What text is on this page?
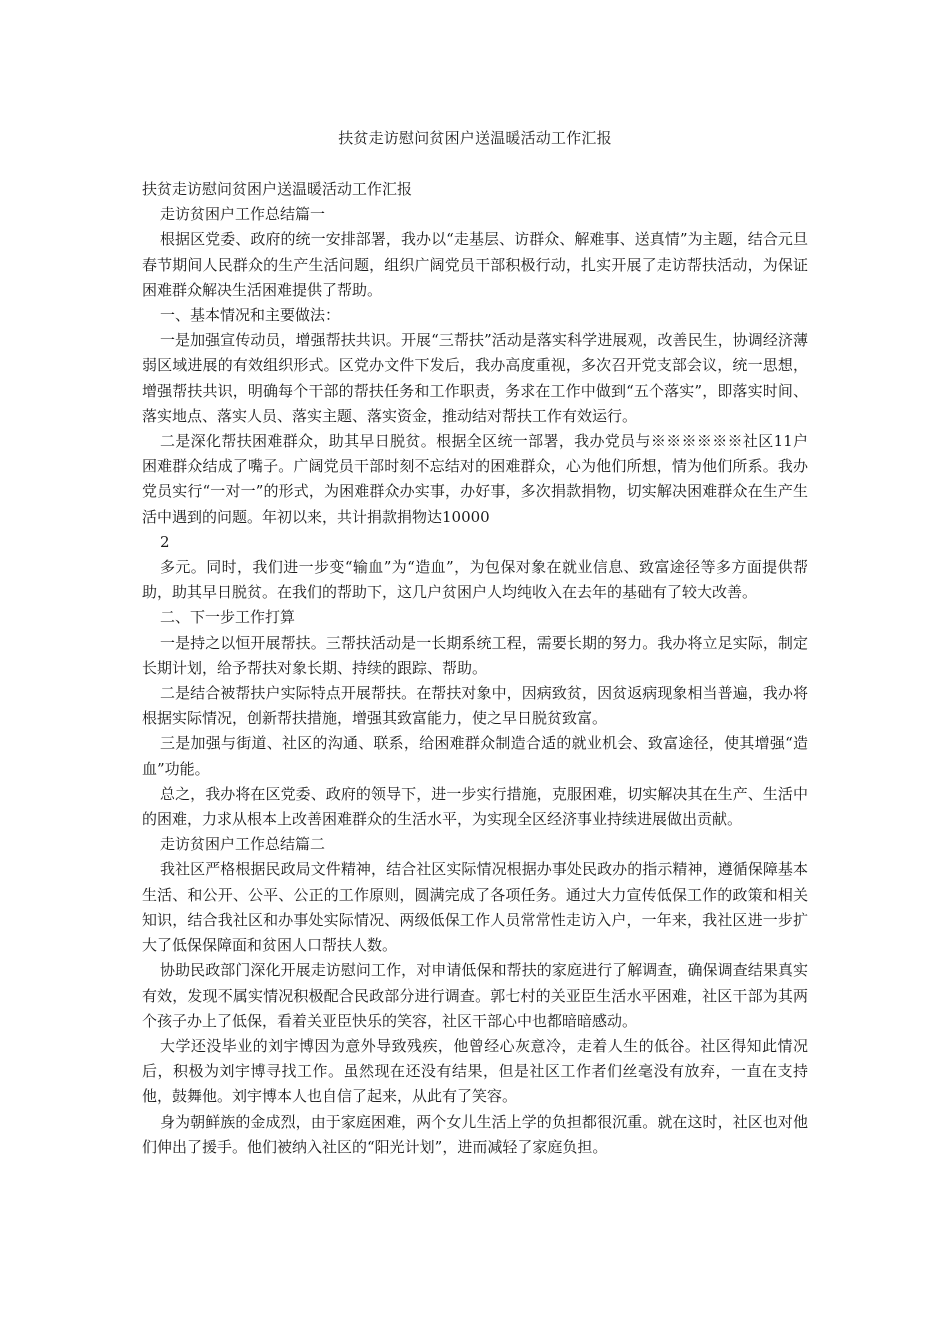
扶贫走访慰问贫困户送温暖活动工作汇报

扶贫走访慰问贫困户送温暖活动工作汇报

走访贫困户工作总结篇一

根据区党委、政府的统一安排部署，我办以“走基层、访群众、解难事、送真情”为主题，结合元旦春节期间人民群众的生产生活问题，组织广阔党员干部积极行动，扎实开展了走访帮扶活动，为保证困难群众解决生活困难提供了帮助。

一、基本情况和主要做法：

一是加强宣传动员，增强帮扶共识。开展“三帮扶”活动是落实科学进展观，改善民生，协调经济薄弱区域进展的有效组织形式。区党办文件下发后，我办高度重视，多次召开党支部会议，统一思想，增强帮扶共识，明确每个干部的帮扶任务和工作职责，务求在工作中做到“五个落实”，即落实时间、落实地点、落实人员、落实主题、落实资金，推动结对帮扶工作有效运行。

二是深化帮扶困难群众，助其早日脱贫。根据全区统一部署，我办党员与※※※※※※社区11户困难群众结成了嘴子。广阔党员干部时刻不忘结对的困难群众，心为他们所想，情为他们所系。我办党员实行“一对一”的形式，为困难群众办实事，办好事，多次捐款捐物，切实解决困难群众在生产生活中遇到的问题。年初以来，共计捐款捐物达10000

2

多元。同时，我们进一步变“输血”为“造血”，为包保对象在就业信息、致富途径等多方面提供帮助，助其早日脱贫。在我们的帮助下，这几户贫困户人均纯收入在去年的基础有了较大改善。

二、下一步工作打算

一是持之以恒开展帮扶。三帮扶活动是一长期系统工程，需要长期的努力。我办将立足实际，制定长期计划，给予帮扶对象长期、持续的跟踪、帮助。

二是结合被帮扶户实际特点开展帮扶。在帮扶对象中，因病致贫，因贫返病现象相当普遍，我办将根据实际情况，创新帮扶措施，增强其致富能力，使之早日脱贫致富。

三是加强与街道、社区的沟通、联系，给困难群众制造合适的就业机会、致富途径，使其增强“造血”功能。

总之，我办将在区党委、政府的领导下，进一步实行措施，克服困难，切实解决其在生产、生活中的困难，力求从根本上改善困难群众的生活水平，为实现全区经济事业持续进展做出贡献。

走访贫困户工作总结篇二

我社区严格根据民政局文件精神，结合社区实际情况根据办事处民政办的指示精神，遵循保障基本生活、和公开、公平、公正的工作原则，圆满完成了各项任务。通过大力宣传低保工作的政策和相关知识，结合我社区和办事处实际情况、两级低保工作人员常常性走访入户，一年来，我社区进一步扩大了低保保障面和贫困人口帮扶人数。

协助民政部门深化开展走访慰问工作，对申请低保和帮扶的家庭进行了解调查，确保调查结果真实有效，发现不属实情况积极配合民政部分进行调查。郭七村的关亚臣生活水平困难，社区干部为其两个孩子办上了低保，看着关亚臣快乐的笑容，社区干部心中也都暗暗感动。

大学还没毕业的刘宇博因为意外导致残疾，他曾经心灰意冷，走着人生的低谷。社区得知此情况后，积极为刘宇博寻找工作。虽然现在还没有结果，但是社区工作者们丝毫没有放弃，一直在支持他，鼓舞他。刘宇博本人也自信了起来，从此有了笑容。

身为朝鲜族的金成烈，由于家庭困难，两个女儿生活上学的负担都很沉重。就在这时，社区也对他们伸出了援手。他们被纳入社区的“阳光计划”，进而减轻了家庭负担。
